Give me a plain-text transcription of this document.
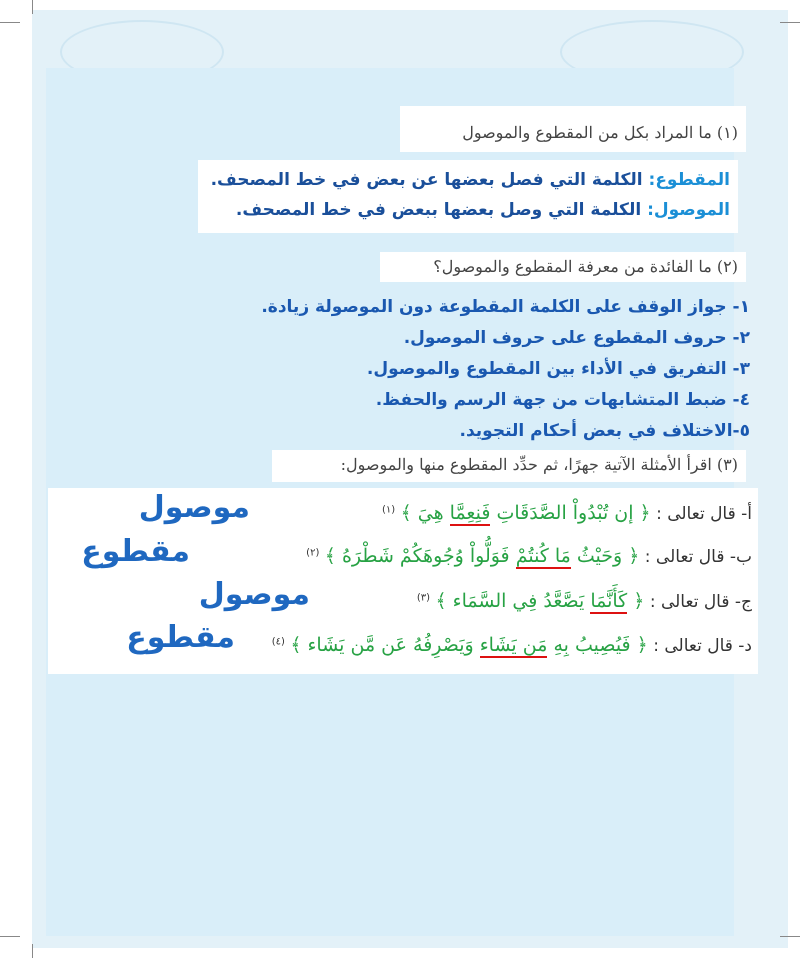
(١) ما المراد بكل من المقطوع والموصول
المقطوع: الكلمة التي فصل بعضها عن بعض في خط المصحف.
الموصول: الكلمة التي وصل بعضها ببعض في خط المصحف.
(٢) ما الفائدة من معرفة المقطوع والموصول؟
١- جواز الوقف على الكلمة المقطوعة دون الموصولة زيادة.
٢- حروف المقطوع على حروف الموصول.
٣- التفريق في الأداء بين المقطوع والموصول.
٤- ضبط المتشابهات من جهة الرسم والحفظ.
٥-الاختلاف في بعض أحكام التجويد.
(٣) اقرأ الأمثلة الآتية جهرًا، ثم حدِّد المقطوع منها والموصول:
أ- قال تعالى : ﴿ إن تُبْدُواْ الصَّدَقَاتِ فَنِعِمَّا هِيَ ﴾ $^{(١)}$
موصول
ب- قال تعالى : ﴿ وَحَيْثُ مَا كُنتُمْ فَوَلُّواْ وُجُوهَكُمْ شَطْرَهُ ﴾ $^{(٢)}$
مقطوع
ج- قال تعالى : ﴿ كَأَنَّمَا يَصَّعَّدُ فِي السَّمَاء ﴾ $^{(٣)}$
موصول
د- قال تعالى : ﴿ فَيُصِيبُ بِهِ مَن يَشَاء وَيَصْرِفُهُ عَن مَّن يَشَاء ﴾ $^{(٤)}$
مقطوع
